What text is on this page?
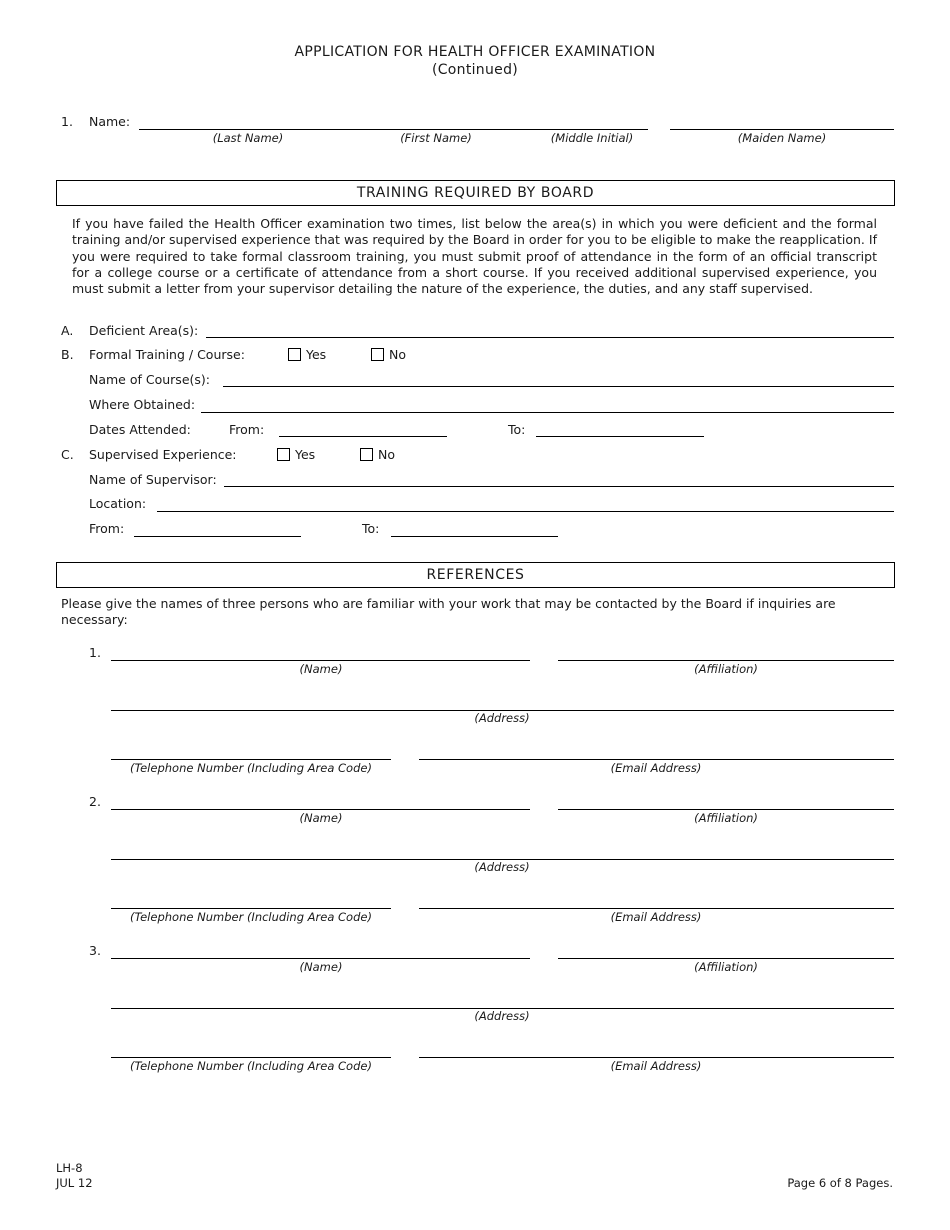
APPLICATION FOR HEALTH OFFICER EXAMINATION
(Continued)
1. Name:
(Last Name)	(First Name)	(Middle Initial)	(Maiden Name)
TRAINING REQUIRED BY BOARD
If you have failed the Health Officer examination two times, list below the area(s) in which you were deficient and the formal training and/or supervised experience that was required by the Board in order for you to be eligible to make the reapplication. If you were required to take formal classroom training, you must submit proof of attendance in the form of an official transcript for a college course or a certificate of attendance from a short course. If you received additional supervised experience, you must submit a letter from your supervisor detailing the nature of the experience, the duties, and any staff supervised.
A. Deficient Area(s):
B. Formal Training / Course:	Yes	No
Name of Course(s):
Where Obtained:
Dates Attended:	From:	To:
C. Supervised Experience:	Yes	No
Name of Supervisor:
Location:
From:	To:
REFERENCES
Please give the names of three persons who are familiar with your work that may be contacted by the Board if inquiries are necessary:
1.
(Name)	(Affiliation)
(Address)
(Telephone Number (Including Area Code)	(Email Address)
2.
(Name)	(Affiliation)
(Address)
(Telephone Number (Including Area Code)	(Email Address)
3.
(Name)	(Affiliation)
(Address)
(Telephone Number (Including Area Code)	(Email Address)
LH-8
JUL 12	Page 6 of 8 Pages.
